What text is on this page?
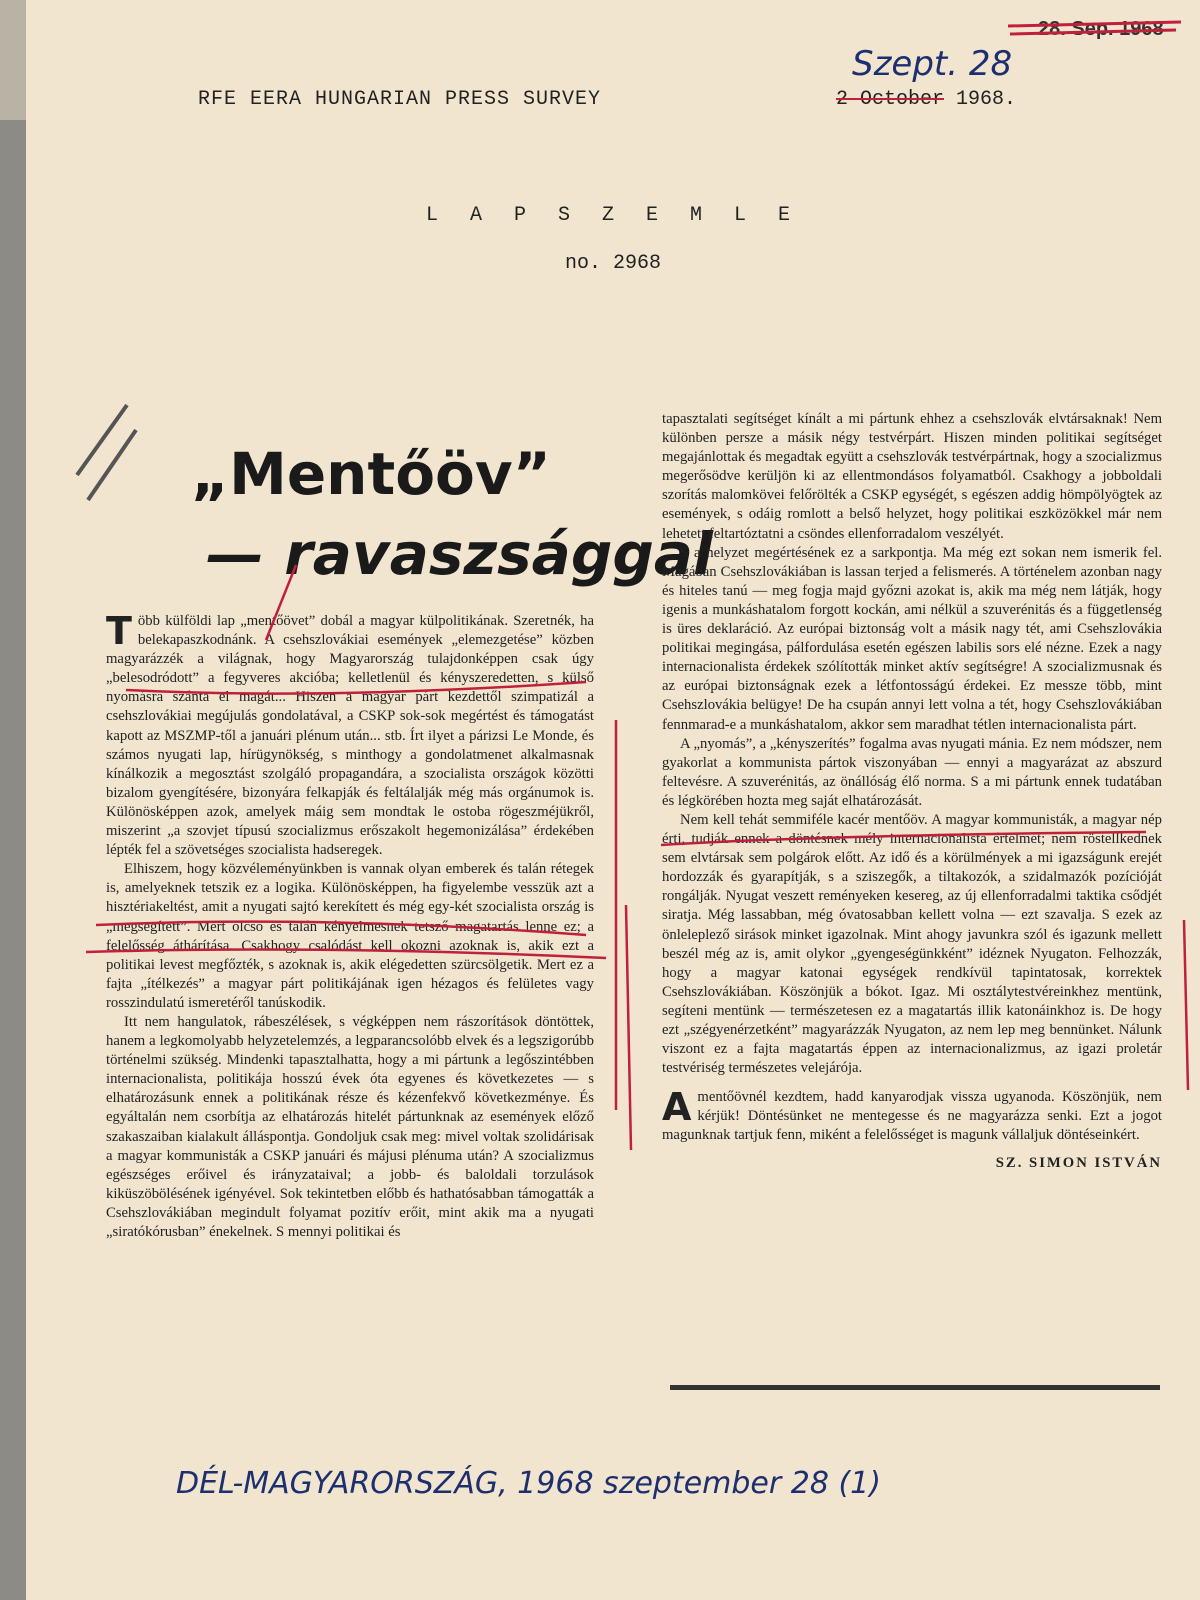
RFE EERA HUNGARIAN PRESS SURVEY	2 October 1968.
Szept. 28
28. Sep. 1968
L A P S Z E M L E
no. 2968
„Mentőöv”
— ravaszsággal

Több külföldi lap „mentőövet” dobál a magyar külpolitikának. Szeretnék, ha belekapaszkodnánk. A csehszlovákiai események „elemezgetése” közben magyarázzék a világnak, hogy Magyarország tulajdonképpen csak úgy „belesodródott” a fegyveres akcióba; kelletlenül és kényszeredetten, s külső nyomásra szánta el magát... Hiszen a magyar párt kezdettől szimpatizál a csehszlovákiai megújulás gondolatával, a CSKP sok-sok megértést és támogatást kapott az MSZMP-től a januári plénum után... stb. Írt ilyet a párizsi Le Monde, és számos nyugati lap, hírügynökség, s minthogy a gondolatmenet alkalmasnak kínálkozik a megosztást szolgáló propagandára, a szocialista országok közötti bizalom gyengítésére, bizonyára felkapják és feltálalják még más orgánumok is. Különösképpen azok, amelyek máig sem mondtak le ostoba rögeszméjükről, miszerint „a szovjet típusú szocializmus erőszakolt hegemonizálása” érdekében lépték fel a szövetséges szocialista hadseregek.

Elhiszem, hogy közvéleményünkben is vannak olyan emberek és talán rétegek is, amelyeknek tetszik ez a logika. Különösképpen, ha figyelembe vesszük azt a hisztériakeltést, amit a nyugati sajtó kerekített és még egy-két szocialista ország is „megsegített”. Mert olcsó és talán kényelmesnek tetsző magatartás lenne ez; a felelősség áthárítása. Csakhogy csalódást kell okozni azoknak is, akik ezt a politikai levest megfőzték, s azoknak is, akik elégedetten szürcsölgetik. Mert ez a fajta „ítélkezés” a magyar párt politikájának igen hézagos és felületes vagy rosszindulatú ismeretéről tanúskodik.

Itt nem hangulatok, rábeszélések, s végképpen nem rászorítások döntöttek, hanem a legkomolyabb helyzetelemzés, a legparancsolóbb elvek és a legszigorúbb történelmi szükség. Mindenki tapasztalhatta, hogy a mi pártunk a legőszintébben internacionalista, politikája hosszú évek óta egyenes és következetes — s elhatározásunk ennek a politikának része és kézenfekvő következménye. És egyáltalán nem csorbítja az elhatározás hitelét pártunknak az események előző szakaszaiban kialakult álláspontja. Gondoljuk csak meg: mivel voltak szolidárisak a magyar kommunisták a CSKP januári és májusi plénuma után? A szocializmus egészséges erőivel és irányzataival; a jobb- és baloldali torzulások kiküszöbölésének igényével. Sok tekintetben előbb és hathatósabban támogatták a Csehszlovákiában megindult folyamat pozitív erőit, mint akik ma a nyugati „siratókórusban” énekelnek. S mennyi politikai és

tapasztalati segítséget kínált a mi pártunk ehhez a csehszlovák elvtársaknak! Nem különben persze a másik négy testvérpárt. Hiszen minden politikai segítséget megajánlottak és megadtak együtt a csehszlovák testvérpártnak, hogy a szocializmus megerősödve kerüljön ki az ellentmondásos folyamatból. Csakhogy a jobboldali szorítás malomkövei felőrölték a CSKP egységét, s egészen addig hömpölyögtek az események, s odáig romlott a belső helyzet, hogy politikai eszközökkel már nem lehetett feltartóztatni a csöndes ellenforradalom veszélyét.

S a helyzet megértésének ez a sarkpontja. Ma még ezt sokan nem ismerik fel. Magában Csehszlovákiában is lassan terjed a felismerés. A történelem azonban nagy és hiteles tanú — meg fogja majd győzni azokat is, akik ma még nem látják, hogy igenis a munkáshatalom forgott kockán, ami nélkül a szuverénitás és a függetlenség is üres deklaráció. Az európai biztonság volt a másik nagy tét, ami Csehszlovákia politikai megingása, pálfordulása esetén egészen labilis sors elé nézne. Ezek a nagy internacionalista érdekek szólították minket aktív segítségre! A szocializmusnak és az európai biztonságnak ezek a létfontosságú érdekei. Ez messze több, mint Csehszlovákia belügye! De ha csupán annyi lett volna a tét, hogy Csehszlovákiában fennmarad-e a munkáshatalom, akkor sem maradhat tétlen internacionalista párt.

A „nyomás”, a „kényszerítés” fogalma avas nyugati mánia. Ez nem módszer, nem gyakorlat a kommunista pártok viszonyában — ennyi a magyarázat az abszurd feltevésre. A szuverénitás, az önállóság élő norma. S a mi pártunk ennek tudatában és légkörében hozta meg saját elhatározását.

Nem kell tehát semmiféle kacér mentőöv. A magyar kommunisták, a magyar nép érti, tudják ennek a döntésnek mély internacionalista értelmét; nem röstellkednek sem elvtársak sem polgárok előtt. Az idő és a körülmények a mi igazságunk erejét hordozzák és gyarapítják, s a sziszegők, a tiltakozók, a szidalmazók pozícióját rongálják. Nyugat veszett reményeken kesereg, az új ellenforradalmi taktika csődjét siratja. Még lassabban, még óvatosabban kellett volna — ezt szavalja. S ezek az önleleplező sirások minket igazolnak. Mint ahogy javunkra szól és igazunk mellett beszél még az is, amit olykor „gyengeségünkként” idéznek Nyugaton. Felhozzák, hogy a magyar katonai egységek rendkívül tapintatosak, korrektek Csehszlovákiában. Köszönjük a bókot. Igaz. Mi osztálytestvéreinkhez mentünk, segíteni mentünk — természetesen ez a magatartás illik katonáinkhoz is. De hogy ezt „szégyenérzetként” magyarázzák Nyugaton, az nem lep meg bennünket. Nálunk viszont ez a fajta magatartás éppen az internacionalizmus, az igazi proletár testvériség természetes velejárója.

Amentőövnél kezdtem, hadd kanyarodjak vissza ugyanoda. Köszönjük, nem kérjük! Döntésünket ne mentegesse és ne magyarázza senki. Ezt a jogot magunknak tartjuk fenn, miként a felelősséget is magunk vállaljuk döntéseinkért.

SZ. SIMON ISTVÁN
DÉL-MAGYARORSZÁG, 1968 szeptember 28 (1)
